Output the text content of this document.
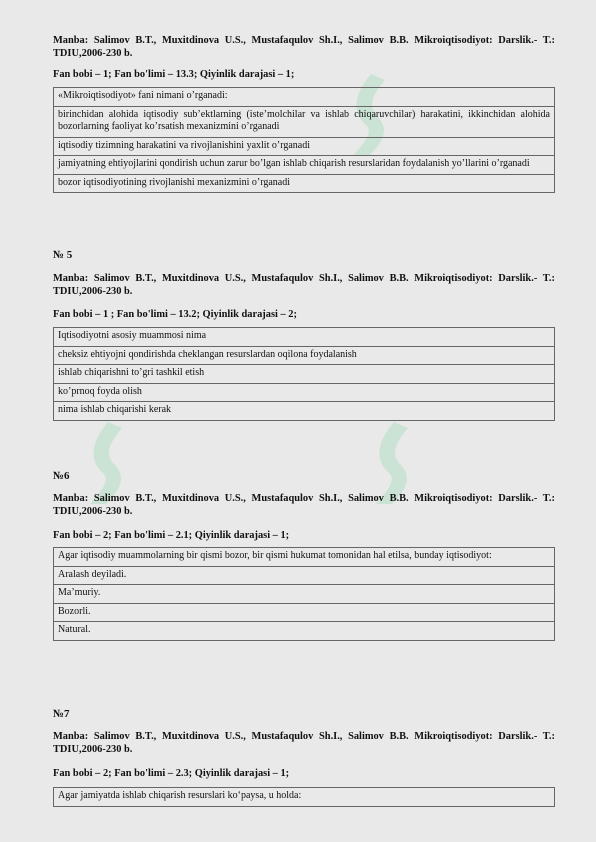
Manba: Salimov B.T., Muxitdinova U.S., Mustafaqulov Sh.I., Salimov B.B. Mikroiqtisodiyot: Darslik.- T.: TDIU,2006-230 b.

Fan bobi – 1; Fan bo'limi – 13.3; Qiyinlik darajasi – 1;

«Mikroiqtisodiyot» fani nimani o’rganadi:
birinchidan alohida iqtisodiy sub’ektlarning (iste’molchilar va ishlab chiqaruvchilar) harakatini, ikkinchidan alohida bozorlarning faoliyat ko’rsatish mexanizmini o’rganadi
iqtisodiy tizimning harakatini va rivojlanishini yaxlit o’rganadi
jamiyatning ehtiyojlarini qondirish uchun zarur bo’lgan ishlab chiqarish resurslaridan foydalanish yo’llarini o’rganadi
bozor iqtisodiyotining rivojlanishi mexanizmini o’rganadi

№ 5

Manba: Salimov B.T., Muxitdinova U.S., Mustafaqulov Sh.I., Salimov B.B. Mikroiqtisodiyot: Darslik.- T.: TDIU,2006-230 b.

Fan bobi – 1 ; Fan bo'limi – 13.2; Qiyinlik darajasi – 2;

Iqtisodiyotni asosiy muammosi nima
cheksiz ehtiyojni qondirishda cheklangan resurslardan oqilona foydalanish
ishlab chiqarishni to’gri tashkil etish
ko’prnoq foyda olish
nima ishlab chiqarishi kerak

№6

Manba: Salimov B.T., Muxitdinova U.S., Mustafaqulov Sh.I., Salimov B.B. Mikroiqtisodiyot: Darslik.- T.: TDIU,2006-230 b.

Fan bobi – 2; Fan bo'limi – 2.1; Qiyinlik darajasi – 1;

Agar iqtisodiy muammolarning bir qismi bozor, bir qismi hukumat tomonidan hal etilsa, bunday iqtisodiyot:
Aralash deyiladi.
Ma’muriy.
Bozorli.
Natural.

№7

Manba: Salimov B.T., Muxitdinova U.S., Mustafaqulov Sh.I., Salimov B.B. Mikroiqtisodiyot: Darslik.- T.: TDIU,2006-230 b.

Fan bobi – 2; Fan bo'limi – 2.3; Qiyinlik darajasi – 1;

Agar jamiyatda ishlab chiqarish resurslari ko‘paysa, u holda:
